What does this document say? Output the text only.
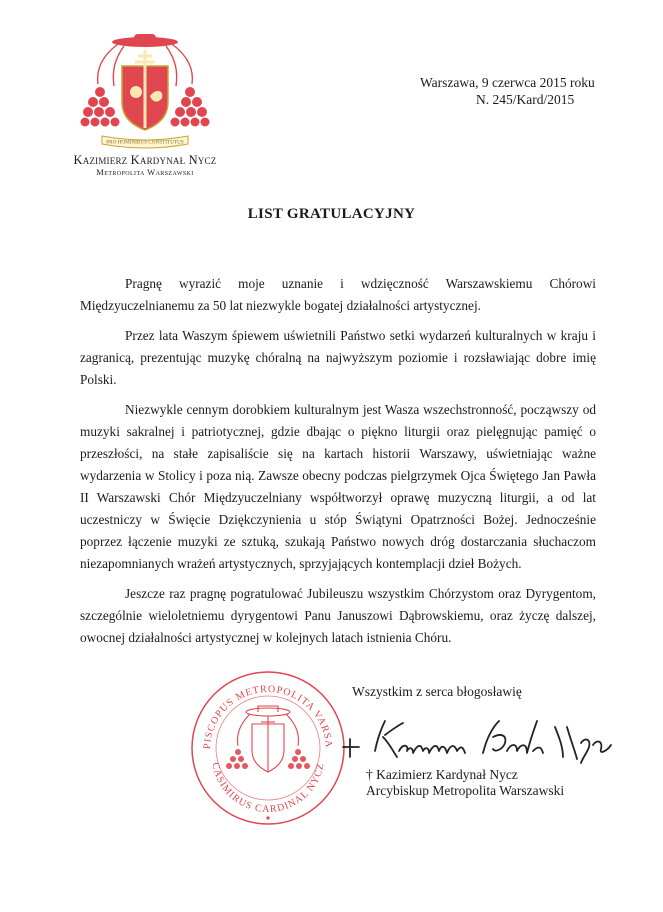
PRO HOMINIBUS CONSTITUTUS
Kazimierz Kardynał Nycz
Metropolita Warszawski
Warszawa, 9 czerwca 2015 roku
N. 245/Kard/2015
LIST GRATULACYJNY

Pragnę wyrazić moje uznanie i wdzięczność Warszawskiemu Chórowi Międzyuczelnianemu za 50 lat niezwykle bogatej działalności artystycznej.

Przez lata Waszym śpiewem uświetnili Państwo setki wydarzeń kulturalnych w kraju i zagranicą, prezentując muzykę chóralną na najwyższym poziomie i rozsławiając dobre imię Polski.

Niezwykle cennym dorobkiem kulturalnym jest Wasza wszechstronność, począwszy od muzyki sakralnej i patriotycznej, gdzie dbając o piękno liturgii oraz pielęgnując pamięć o przeszłości, na stałe zapisaliście się na kartach historii Warszawy, uświetniając ważne wydarzenia w Stolicy i poza nią. Zawsze obecny podczas pielgrzymek Ojca Świętego Jan Pawła II Warszawski Chór Międzyuczelniany współtworzył oprawę muzyczną liturgii, a od lat uczestniczy w Święcie Dziękczynienia u stóp Świątyni Opatrzności Bożej. Jednocześnie poprzez łączenie muzyki ze sztuką, szukają Państwo nowych dróg dostarczania słuchaczom niezapomnianych wrażeń artystycznych, sprzyjających kontemplacji dzieł Bożych.

Jeszcze raz pragnę pogratulować Jubileuszu wszystkim Chórzystom oraz Dyrygentom, szczególnie wieloletniemu dyrygentowi Panu Januszowi Dąbrowskiemu, oraz życzę dalszej, owocnej działalności artystycznej w kolejnych latach istnienia Chóru.

PISCOPUS METROPOLITA VARSA
CASIMIRUS CARDINAL NYCZ
Wszystkim z serca błogosławię
† Kazimierz Kardynał Nycz
Arcybiskup Metropolita Warszawski
